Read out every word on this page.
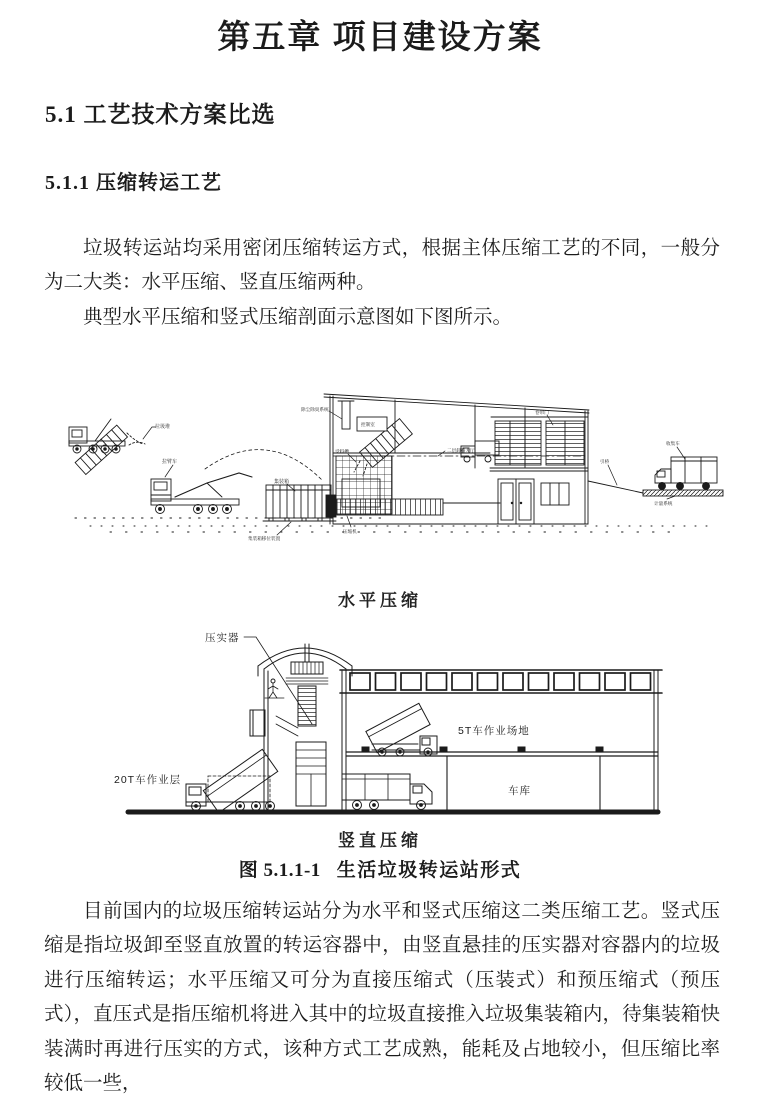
第五章 项目建设方案
5.1 工艺技术方案比选
5.1.1 压缩转运工艺

垃圾转运站均采用密闭压缩转运方式，根据主体压缩工艺的不同，一般分为二大类：水平压缩、竖直压缩两种。

典型水平压缩和竖式压缩剖面示意图如下图所示。

垃圾堆
拉臂车
集装箱
集装箱移位装置
压缩机
除尘除臭系统
控制室
受料槽	二层卸料大厅
卷帘门
收集车
引桥
计量系统
水平压缩
压实器
5T车作业场地
20T车作业层
车库
竖直压缩
图 5.1.1-1 生活垃圾转运站形式

目前国内的垃圾压缩转运站分为水平和竖式压缩这二类压缩工艺。竖式压缩是指垃圾卸至竖直放置的转运容器中，由竖直悬挂的压实器对容器内的垃圾进行压缩转运；水平压缩又可分为直接压缩式（压装式）和预压缩式（预压式），直压式是指压缩机将进入其中的垃圾直接推入垃圾集装箱内，待集装箱快装满时再进行压实的方式，该种方式工艺成熟，能耗及占地较小，但压缩比率较低一些，
